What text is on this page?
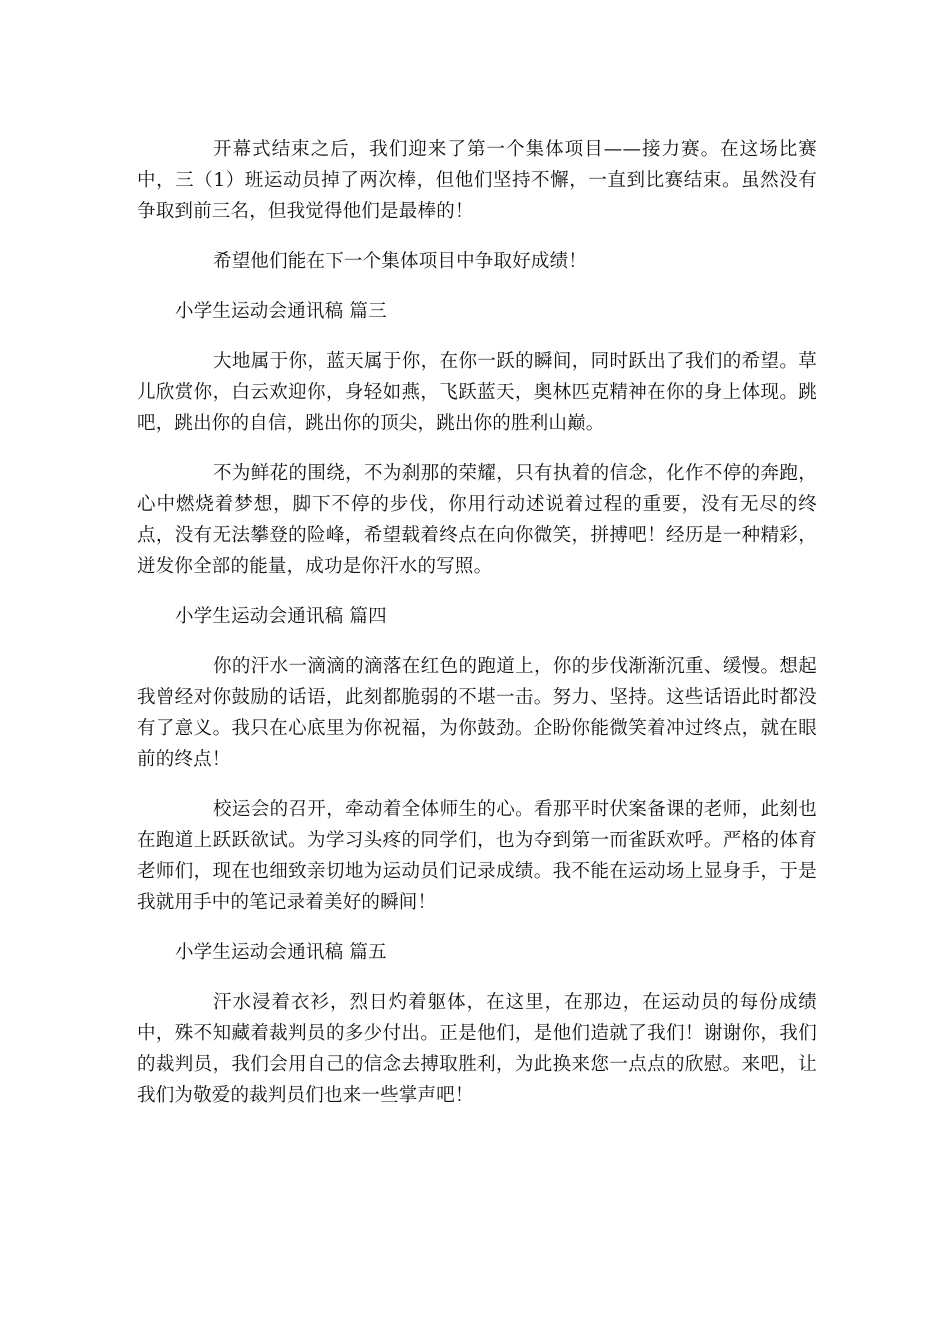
开幕式结束之后，我们迎来了第一个集体项目——接力赛。在这场比赛中，三（1）班运动员掉了两次棒，但他们坚持不懈，一直到比赛结束。虽然没有争取到前三名，但我觉得他们是最棒的！

希望他们能在下一个集体项目中争取好成绩！

小学生运动会通讯稿 篇三

大地属于你，蓝天属于你，在你一跃的瞬间，同时跃出了我们的希望。草儿欣赏你，白云欢迎你，身轻如燕，飞跃蓝天，奥林匹克精神在你的身上体现。跳吧，跳出你的自信，跳出你的顶尖，跳出你的胜利山巅。

不为鲜花的围绕，不为刹那的荣耀，只有执着的信念，化作不停的奔跑，心中燃烧着梦想，脚下不停的步伐，你用行动述说着过程的重要，没有无尽的终点，没有无法攀登的险峰，希望载着终点在向你微笑，拼搏吧！经历是一种精彩，迸发你全部的能量，成功是你汗水的写照。

小学生运动会通讯稿 篇四

你的汗水一滴滴的滴落在红色的跑道上，你的步伐渐渐沉重、缓慢。想起我曾经对你鼓励的话语，此刻都脆弱的不堪一击。努力、坚持。这些话语此时都没有了意义。我只在心底里为你祝福，为你鼓劲。企盼你能微笑着冲过终点，就在眼前的终点！

校运会的召开，牵动着全体师生的心。看那平时伏案备课的老师，此刻也在跑道上跃跃欲试。为学习头疼的同学们，也为夺到第一而雀跃欢呼。严格的体育老师们，现在也细致亲切地为运动员们记录成绩。我不能在运动场上显身手，于是我就用手中的笔记录着美好的瞬间！

小学生运动会通讯稿 篇五

汗水浸着衣衫，烈日灼着躯体，在这里，在那边，在运动员的每份成绩中，殊不知藏着裁判员的多少付出。正是他们，是他们造就了我们！谢谢你，我们的裁判员，我们会用自己的信念去搏取胜利，为此换来您一点点的欣慰。来吧，让我们为敬爱的裁判员们也来一些掌声吧！
